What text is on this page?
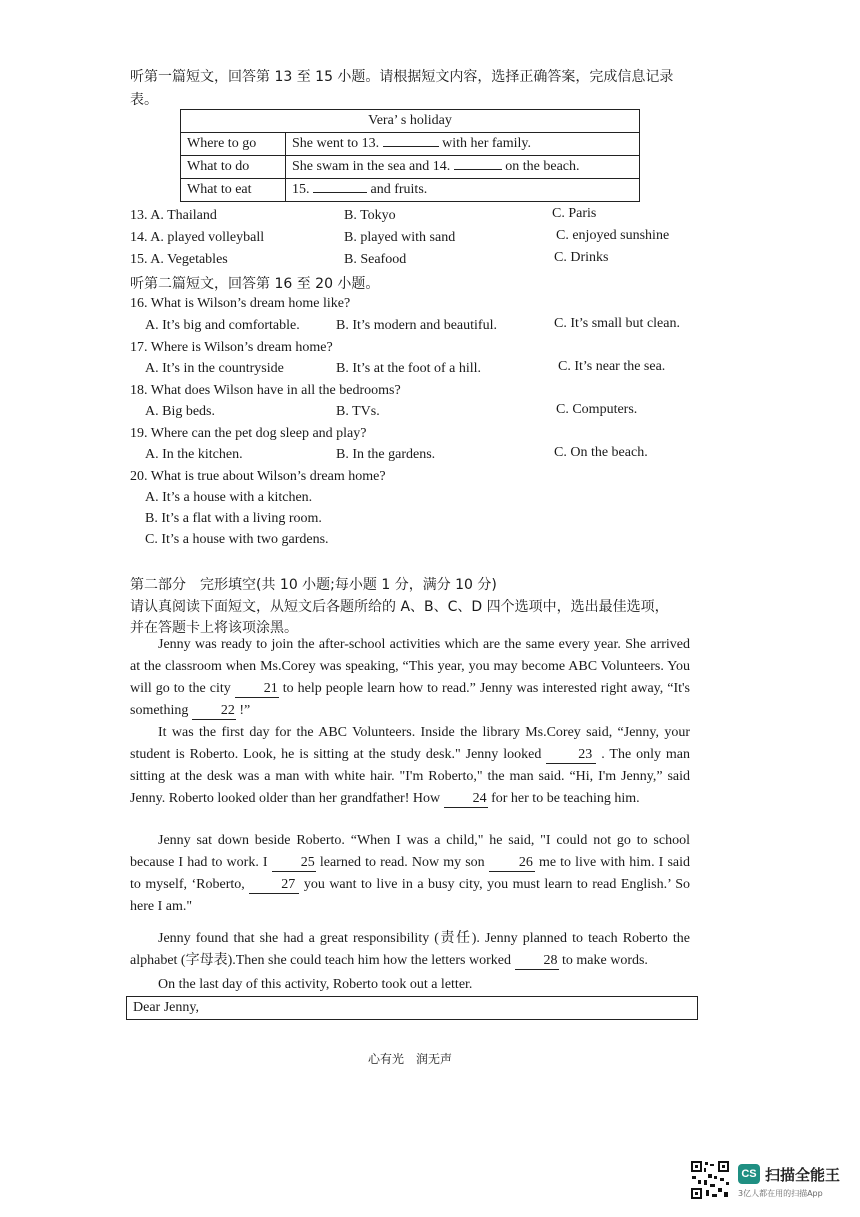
听第一篇短文，回答第 13 至 15 小题。请根据短文内容，选择正确答案，完成信息记录
表。
Vera’ s holiday	
Where to go	She went to 13. with her family.
What to do	She swam in the sea and 14. on the beach.
What to eat	15. and fruits.
13. A. Thailand	B. Tokyo	C. Paris
14. A. played volleyball	B. played with sand	C. enjoyed sunshine
15. A. Vegetables	B. Seafood	C. Drinks
听第二篇短文，回答第 16 至 20 小题。
16. What is Wilson’s dream home like?
A. It’s big and comfortable.	B. It’s modern and beautiful.	C. It’s small but clean.
17. Where is Wilson’s dream home?
A. It’s in the countryside	B. It’s at the foot of a hill.	C. It’s near the sea.
18. What does Wilson have in all the bedrooms?
A. Big beds.	B. TVs.	C. Computers.
19. Where can the pet dog sleep and play?
A. In the kitchen.	B. In the gardens.	C. On the beach.
20. What is true about Wilson’s dream home?
A. It’s a house with a kitchen.
B. It’s a flat with a living room.
C. It’s a house with two gardens.
第二部分　完形填空(共 10 小题;每小题 1 分，满分 10 分)
请认真阅读下面短文，从短文后各题所给的 A、B、C、D 四个选项中，选出最佳选项，
并在答题卡上将该项涂黑。
Jenny was ready to join the after-school activities which are the same every year. She arrived at the classroom when Ms.Corey was speaking, “This year, you may become ABC Volunteers. You will go to the city 21 to help people learn how to read.” Jenny was interested right away, “It's something 22 !”
It was the first day for the ABC Volunteers. Inside the library Ms.Corey said, “Jenny, your student is Roberto. Look, he is sitting at the study desk." Jenny looked	23 . The only man sitting at the desk was a man with white hair. "I'm Roberto," the man said. “Hi, I'm Jenny,” said Jenny. Roberto looked older than her grandfather! How 24 for her to be teaching him.
Jenny sat down beside Roberto. “When I was a child," he said, "I could not go to school because I had to work. I 25 learned to read. Now my son 26 me to live with him. I said to myself, ‘Roberto,	27 you want to live in a busy city, you must learn to read English.’ So here I am."
Jenny found that she had a great responsibility (责任). Jenny planned to teach Roberto the alphabet (字母表).Then she could teach him how the letters worked 28 to make words.
On the last day of this activity, Roberto took out a letter.
Dear Jenny,
心有光　润无声
CS 扫描全能王
3亿人都在用的扫描App
